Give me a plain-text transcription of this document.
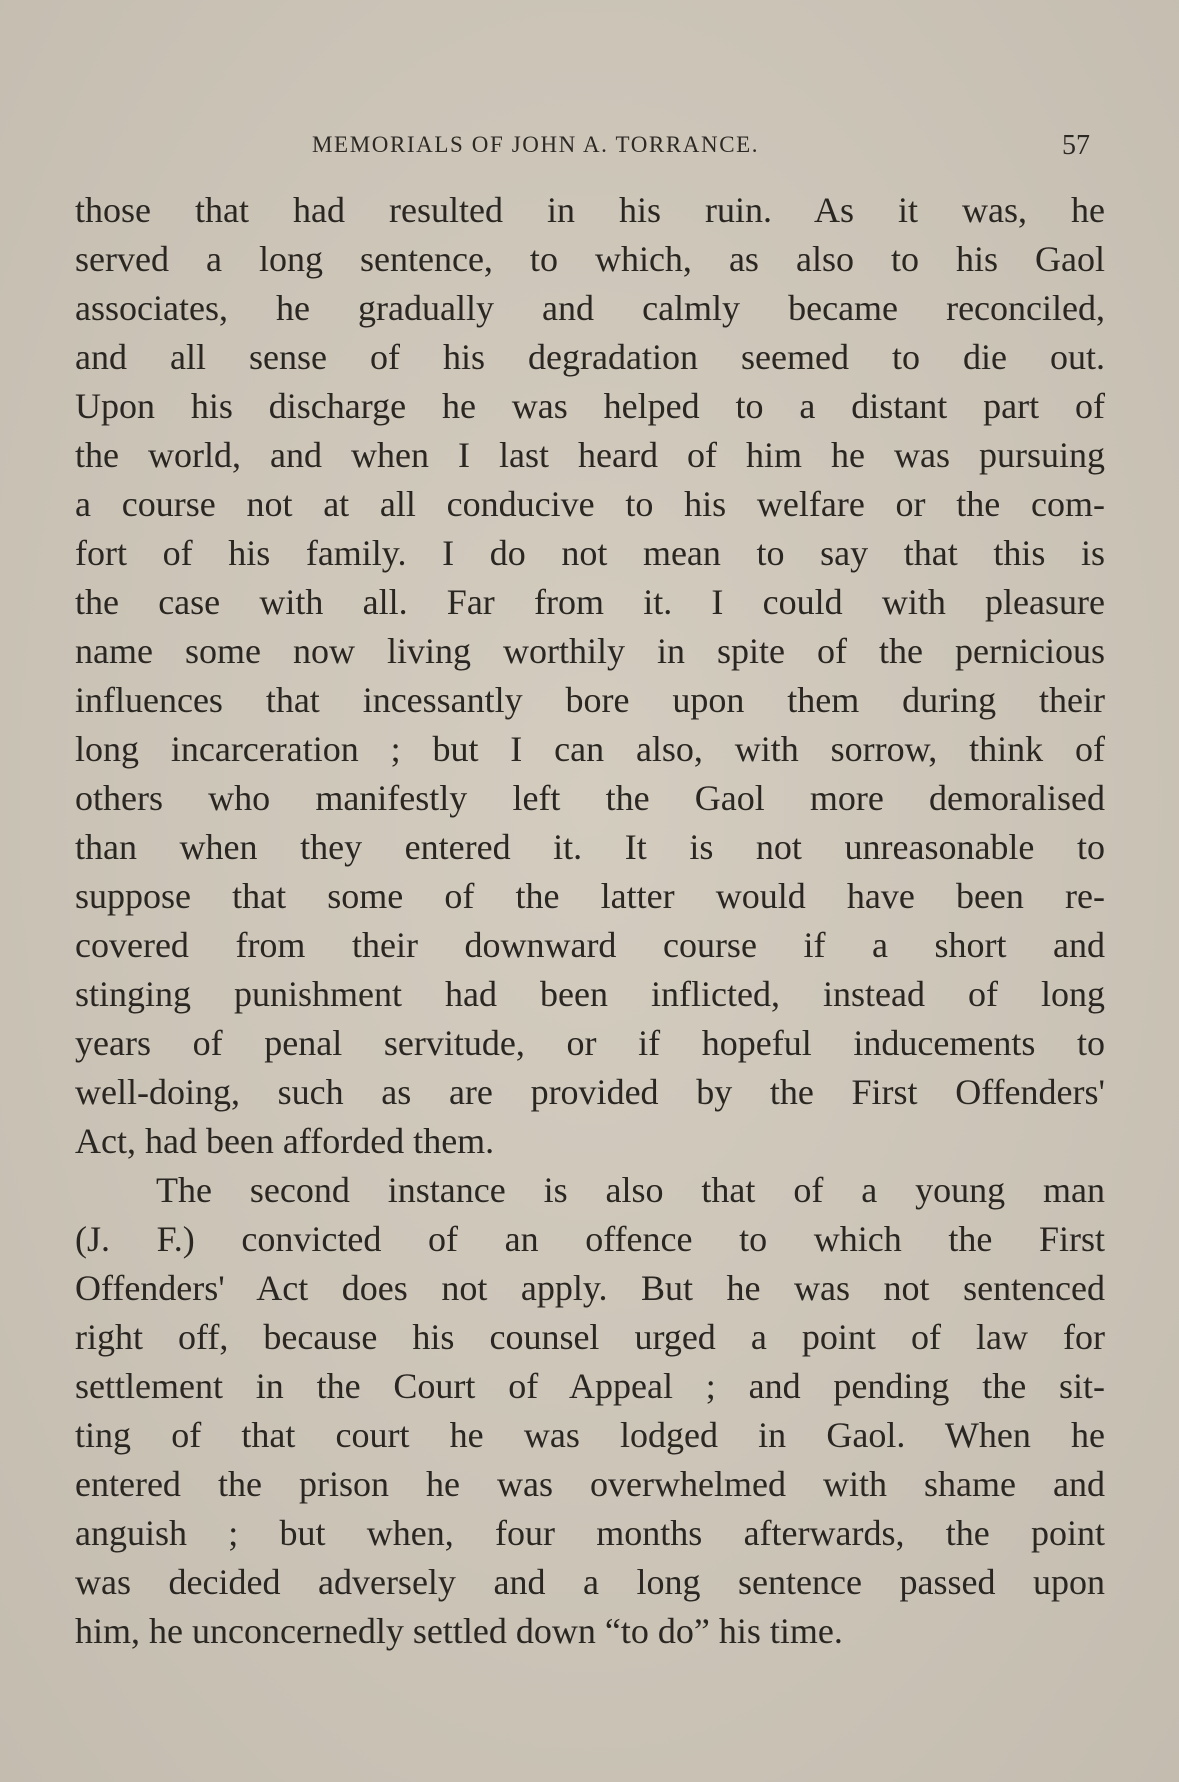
MEMORIALS OF JOHN A. TORRANCE.	57
those that had resulted in his ruin. As it was, he
served a long sentence, to which, as also to his Gaol
associates, he gradually and calmly became reconciled,
and all sense of his degradation seemed to die out.
Upon his discharge he was helped to a distant part of
the world, and when I last heard of him he was pursuing
a course not at all conducive to his welfare or the com-
fort of his family. I do not mean to say that this is
the case with all. Far from it. I could with pleasure
name some now living worthily in spite of the pernicious
influences that incessantly bore upon them during their
long incarceration ; but I can also, with sorrow, think of
others who manifestly left the Gaol more demoralised
than when they entered it. It is not unreasonable to
suppose that some of the latter would have been re-
covered from their downward course if a short and
stinging punishment had been inflicted, instead of long
years of penal servitude, or if hopeful inducements to
well-doing, such as are provided by the First Offenders'
Act, had been afforded them.
The second instance is also that of a young man
(J. F.) convicted of an offence to which the First
Offenders' Act does not apply. But he was not sentenced
right off, because his counsel urged a point of law for
settlement in the Court of Appeal ; and pending the sit-
ting of that court he was lodged in Gaol. When he
entered the prison he was overwhelmed with shame and
anguish ; but when, four months afterwards, the point
was decided adversely and a long sentence passed upon
him, he unconcernedly settled down “to do” his time.
